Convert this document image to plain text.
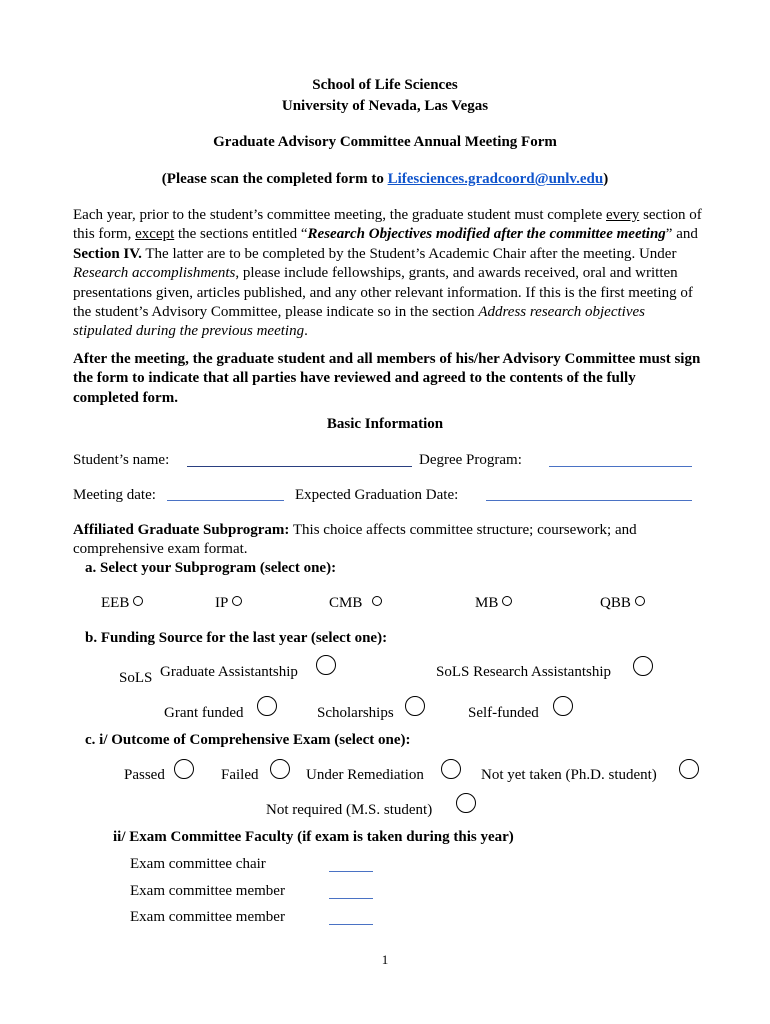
School of Life Sciences
University of Nevada, Las Vegas
Graduate Advisory Committee Annual Meeting Form
(Please scan the completed form to Lifesciences.gradcoord@unlv.edu)
Each year, prior to the student’s committee meeting, the graduate student must complete every section of this form, except the sections entitled “Research Objectives modified after the committee meeting” and Section IV. The latter are to be completed by the Student’s Academic Chair after the meeting. Under Research accomplishments, please include fellowships, grants, and awards received, oral and written presentations given, articles published, and any other relevant information. If this is the first meeting of the student’s Advisory Committee, please indicate so in the section Address research objectives stipulated during the previous meeting.
After the meeting, the graduate student and all members of his/her Advisory Committee must sign the form to indicate that all parties have reviewed and agreed to the contents of the fully completed form.
Basic Information
Student’s name:	Degree Program:
Meeting date:	Expected Graduation Date:
Affiliated Graduate Subprogram: This choice affects committee structure; coursework; and comprehensive exam format.
a. Select your Subprogram (select one):
EEB	IP	CMB	MB	QBB
b. Funding Source for the last year (select one):
SoLS Graduate Assistantship	SoLS Research Assistantship
Grant funded	Scholarships	Self-funded
c. i/ Outcome of Comprehensive Exam (select one):
Passed	Failed	Under Remediation	Not yet taken (Ph.D. student)
Not required (M.S. student)
ii/ Exam Committee Faculty (if exam is taken during this year)
Exam committee chair
Exam committee member
Exam committee member
1
